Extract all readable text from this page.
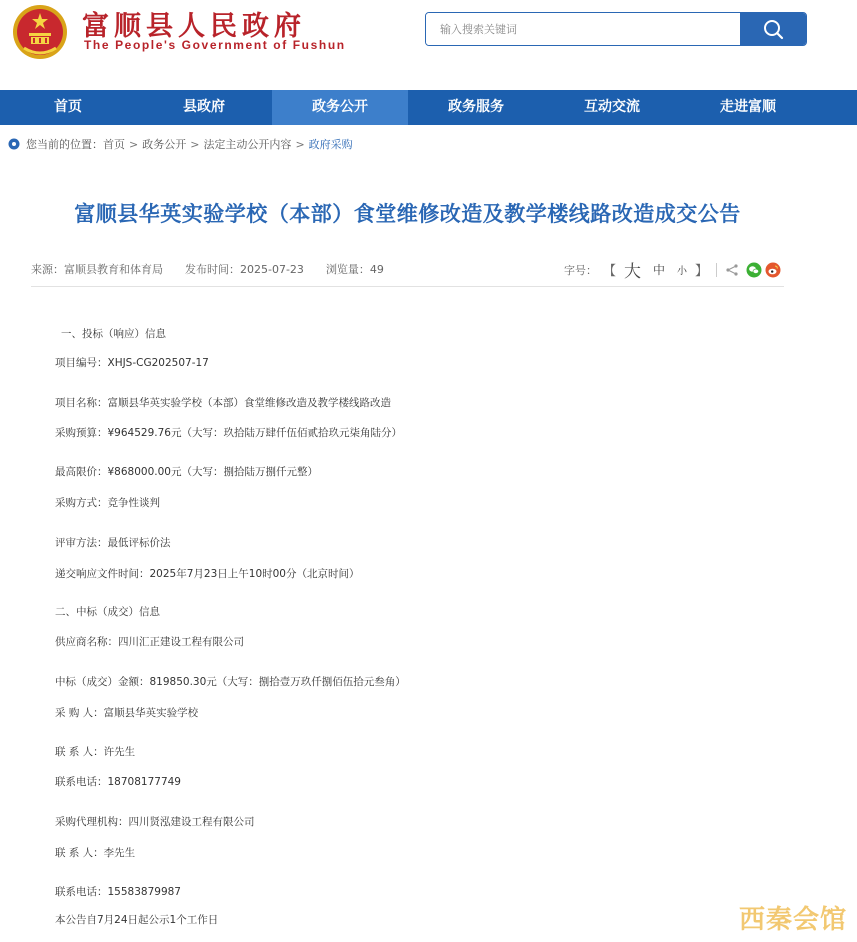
富顺县人民政府
The People's Government of Fushun
输入搜索关键词
首页	县政府	政务公开	政务服务	互动交流	走进富顺
您当前的位置： 首页 > 政务公开 > 法定主动公开内容 > 政府采购
富顺县华英实验学校（本部）食堂维修改造及教学楼线路改造成交公告
来源：富顺县教育和体育局 发布时间：2025-07-23 浏览量：49	字号： 【 大 中 小 】
一、投标（响应）信息
项目编号：XHJS-CG202507-17
项目名称：富顺县华英实验学校（本部）食堂维修改造及教学楼线路改造
采购预算：¥964529.76元（大写：玖拾陆万肆仟伍佰贰拾玖元柒角陆分）
最高限价：¥868000.00元（大写：捌拾陆万捌仟元整）
采购方式：竞争性谈判
评审方法：最低评标价法
递交响应文件时间：2025年7月23日上午10时00分（北京时间）
二、中标（成交）信息
供应商名称：四川汇正建设工程有限公司
中标（成交）金额：819850.30元（大写：捌拾壹万玖仟捌佰伍拾元叁角）
采 购 人：富顺县华英实验学校
联 系 人：许先生
联系电话：18708177749
采购代理机构：四川贤泓建设工程有限公司
联 系 人：李先生
联系电话：15583879987
本公告自7月24日起公示1个工作日	西秦会馆
